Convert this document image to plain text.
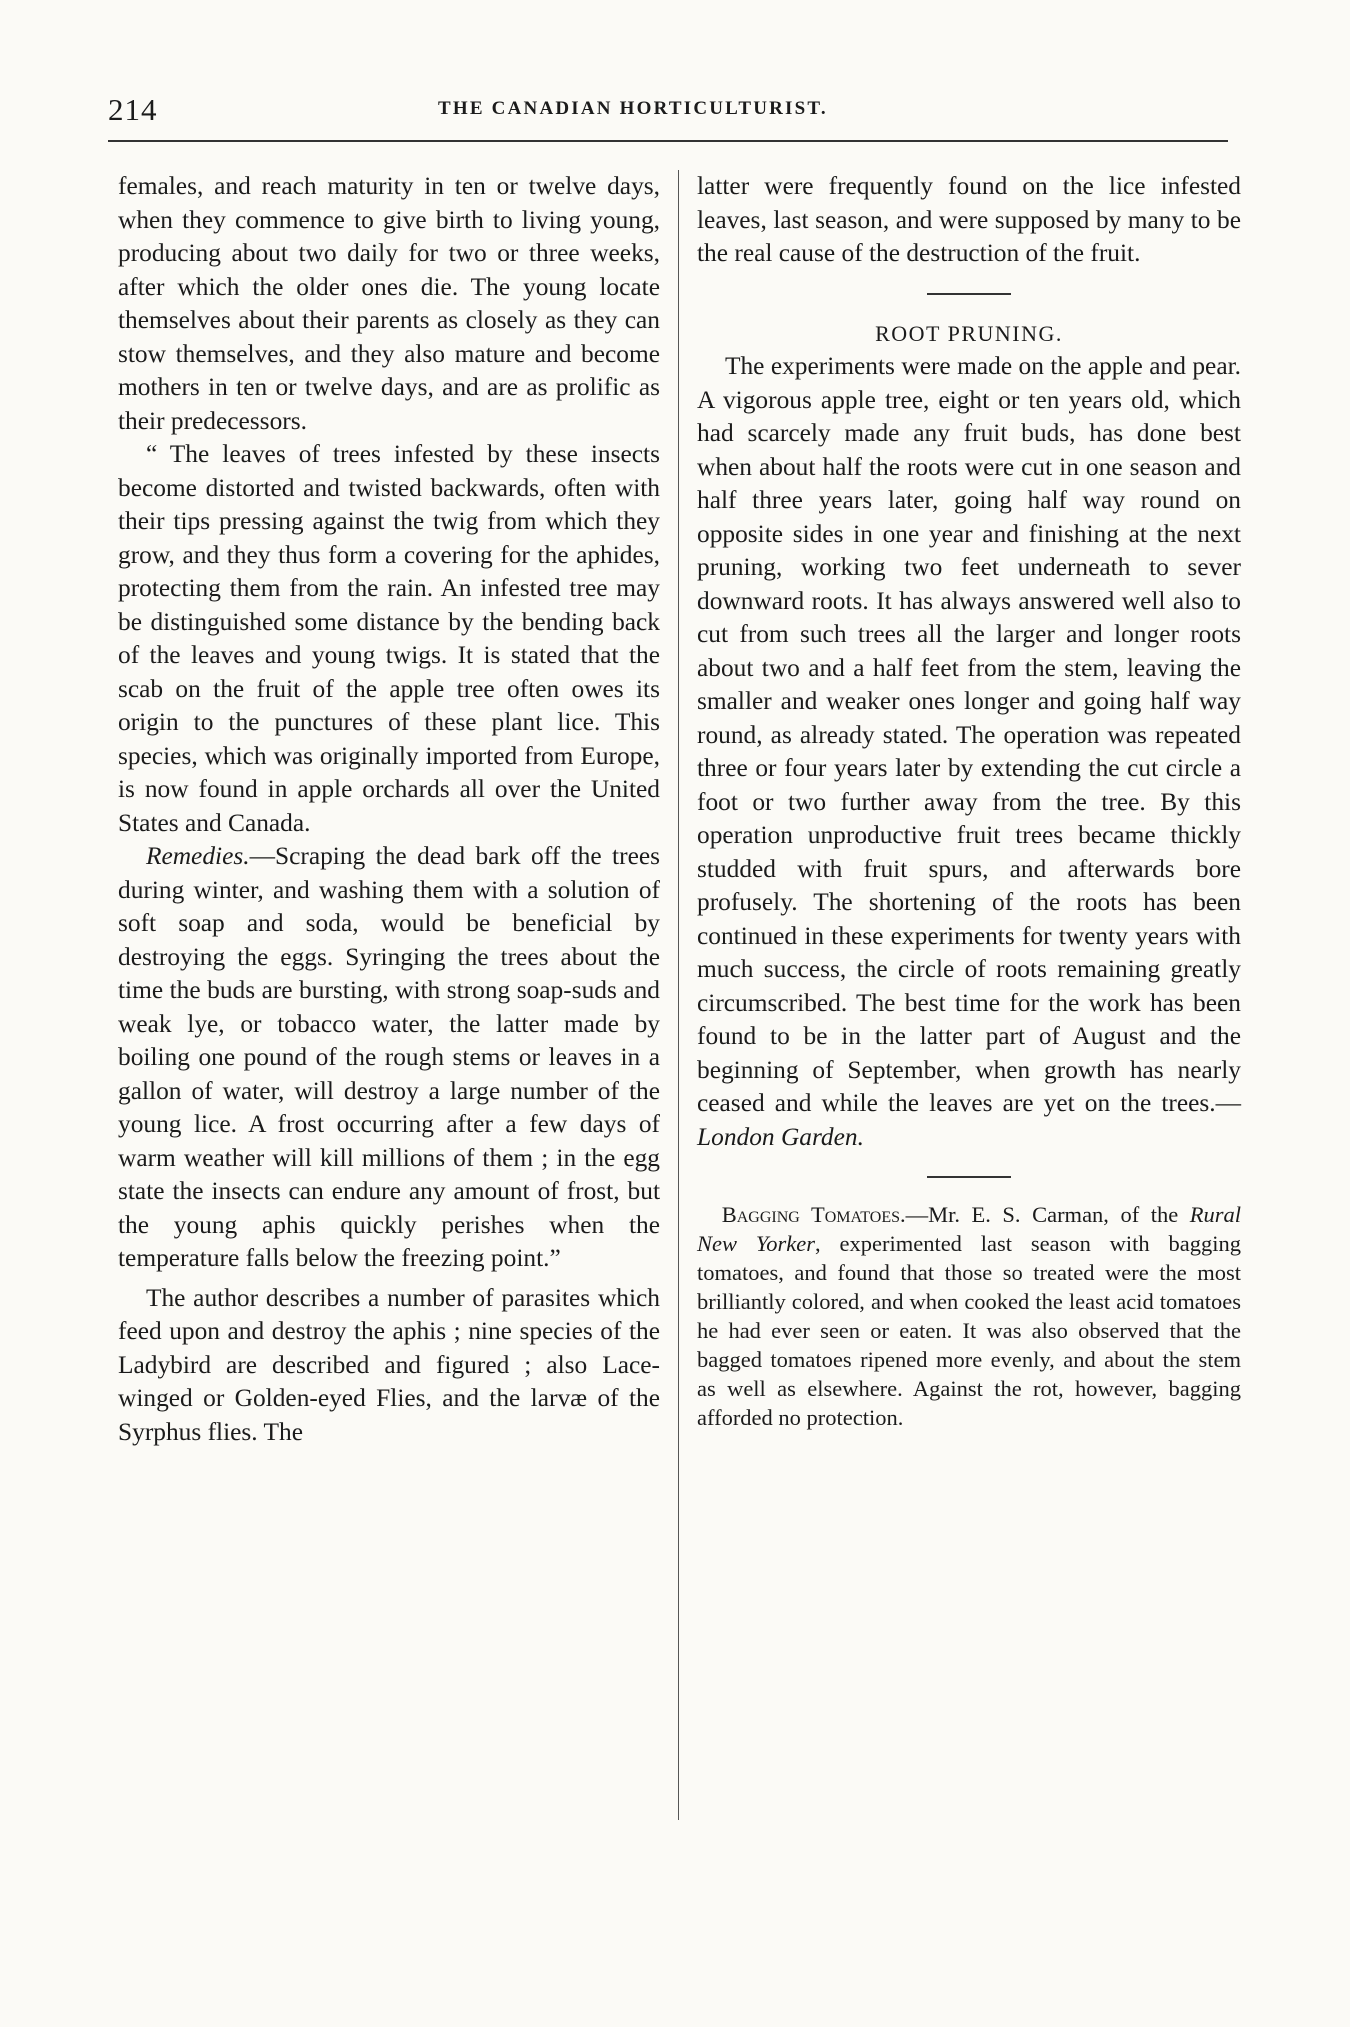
214	THE CANADIAN HORTICULTURIST.

females, and reach maturity in ten or twelve days, when they commence to give birth to living young, producing about two daily for two or three weeks, after which the older ones die. The young locate themselves about their parents as closely as they can stow themselves, and they also mature and become mothers in ten or twelve days, and are as prolific as their predecessors.

“ The leaves of trees infested by these insects become distorted and twisted backwards, often with their tips pressing against the twig from which they grow, and they thus form a covering for the aphides, protecting them from the rain. An infested tree may be distinguished some distance by the bending back of the leaves and young twigs. It is stated that the scab on the fruit of the apple tree often owes its origin to the punctures of these plant lice. This species, which was originally imported from Europe, is now found in apple orchards all over the United States and Canada.

Remedies.—Scraping the dead bark off the trees during winter, and washing them with a solution of soft soap and soda, would be beneficial by destroying the eggs. Syringing the trees about the time the buds are bursting, with strong soap-suds and weak lye, or tobacco water, the latter made by boiling one pound of the rough stems or leaves in a gallon of water, will destroy a large number of the young lice. A frost occurring after a few days of warm weather will kill millions of them ; in the egg state the insects can endure any amount of frost, but the young aphis quickly perishes when the temperature falls below the freezing point.”

The author describes a number of parasites which feed upon and destroy the aphis ; nine species of the Ladybird are described and figured ; also Lace-winged or Golden-eyed Flies, and the larvæ of the Syrphus flies. The

latter were frequently found on the lice infested leaves, last season, and were supposed by many to be the real cause of the destruction of the fruit.

ROOT PRUNING.

The experiments were made on the apple and pear. A vigorous apple tree, eight or ten years old, which had scarcely made any fruit buds, has done best when about half the roots were cut in one season and half three years later, going half way round on opposite sides in one year and finishing at the next pruning, working two feet underneath to sever downward roots. It has always answered well also to cut from such trees all the larger and longer roots about two and a half feet from the stem, leaving the smaller and weaker ones longer and going half way round, as already stated. The operation was repeated three or four years later by extending the cut circle a foot or two further away from the tree. By this operation unproductive fruit trees became thickly studded with fruit spurs, and afterwards bore profusely. The shortening of the roots has been continued in these experiments for twenty years with much success, the circle of roots remaining greatly circumscribed. The best time for the work has been found to be in the latter part of August and the beginning of September, when growth has nearly ceased and while the leaves are yet on the trees.—London Garden.

Bagging Tomatoes.—Mr. E. S. Carman, of the Rural New Yorker, experimented last season with bagging tomatoes, and found that those so treated were the most brilliantly colored, and when cooked the least acid tomatoes he had ever seen or eaten. It was also observed that the bagged tomatoes ripened more evenly, and about the stem as well as elsewhere. Against the rot, however, bagging afforded no protection.
